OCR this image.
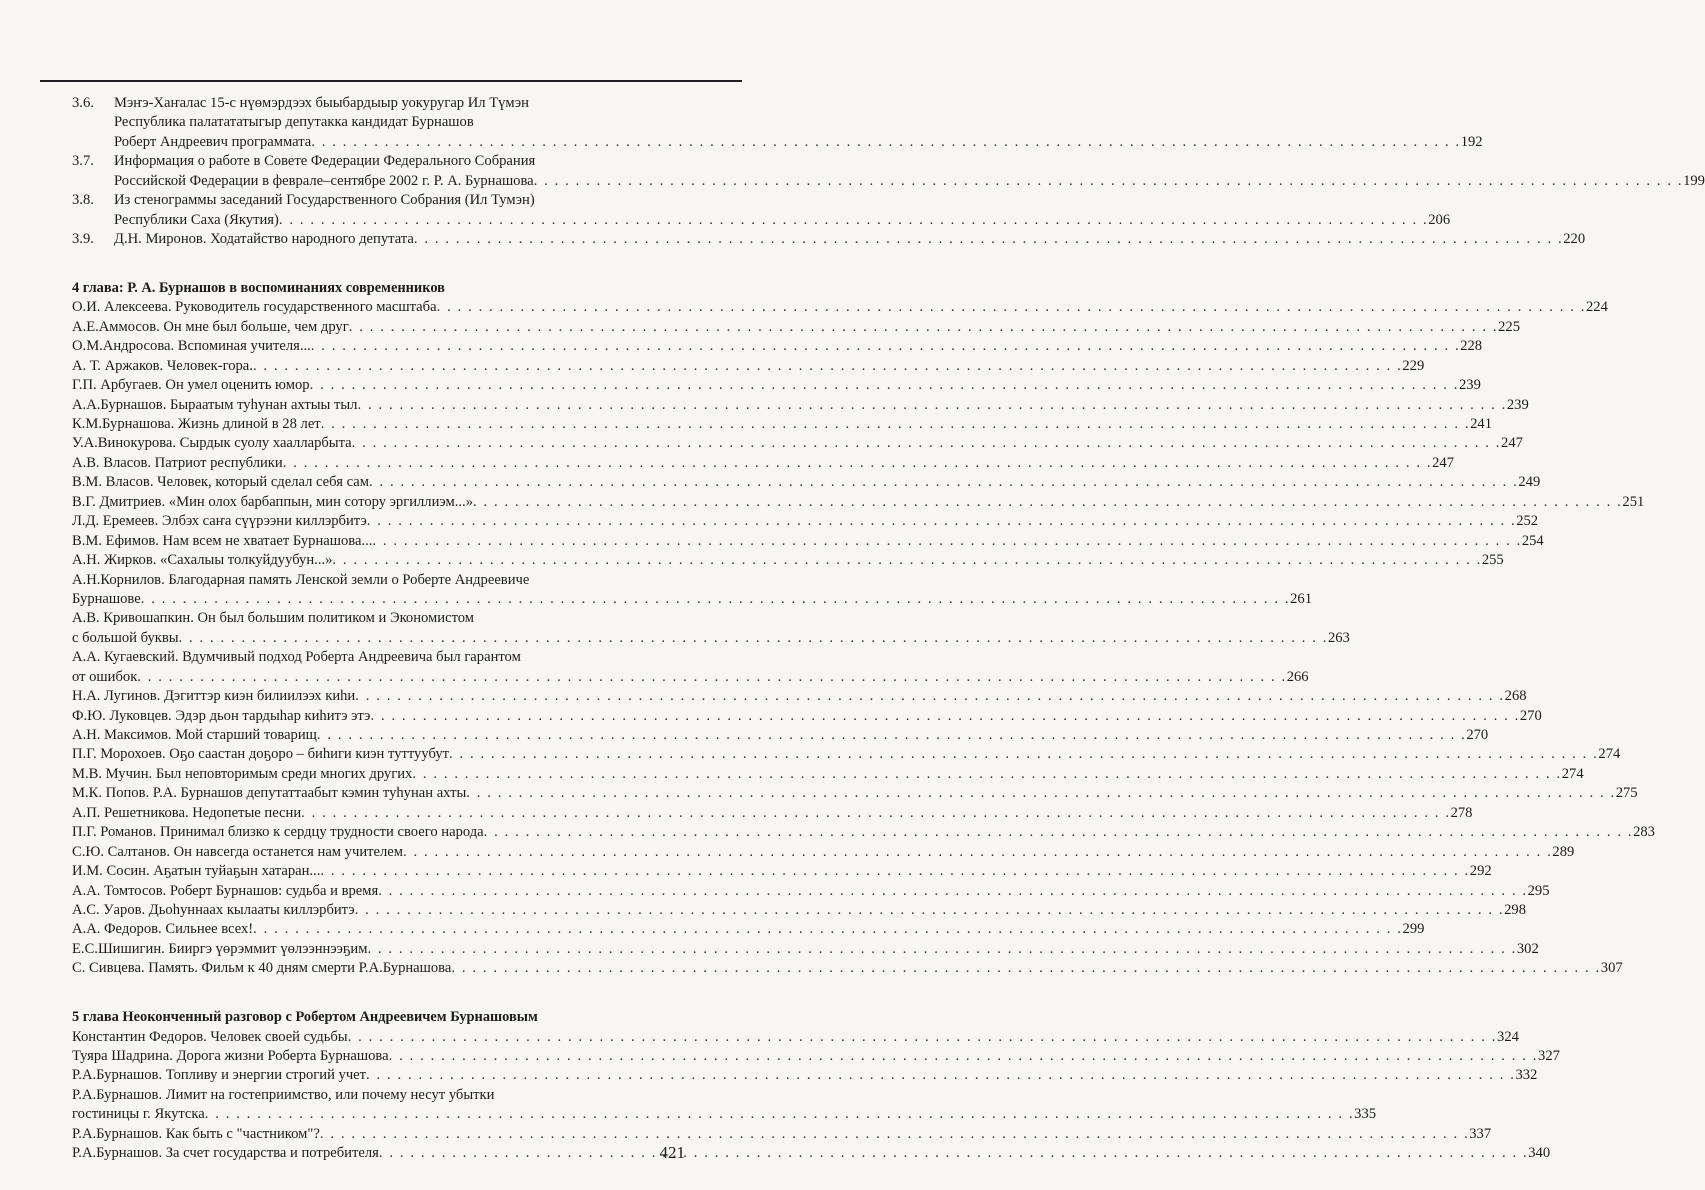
3.6.	Мэҥэ-Хаҥалас 15-с нүөмэрдээх быыбардыыр уокуругар Ил Түмэн
Республика палатататыгыр депутакка кандидат Бурнашов
Роберт Андреевич программата . . .	192
3.7.	Информация о работе в Совете Федерации Федерального Собрания
Российской Федерации в феврале–сентябре 2002 г. Р. А. Бурнашова . . .	199
3.8.	Из стенограммы заседаний Государственного Собрания (Ил Тумэн)
Республики Саха (Якутия) . . .	206
3.9.	Д.Н. Миронов. Ходатайство народного депутата . . .	220
4 глава: Р. А. Бурнашов в воспоминаниях современников
О.И. Алексеева. Руководитель государственного масштаба . . .	224
А.Е.Аммосов. Он мне был больше, чем друг . . .	225
О.М.Андросова. Вспоминая учителя... . . .	228
А. Т. Аржаков. Человек-гора. . . .	229
Г.П. Арбугаев. Он умел оценить юмор . . .	239
А.А.Бурнашов. Быраатым туһунан ахтыы тыл . . .	239
К.М.Бурнашова. Жизнь длиной в 28 лет . . .	241
У.А.Винокурова. Сырдык суолу хаалларбыта . . .	247
А.В. Власов. Патриот республики . . .	247
В.М. Власов. Человек, который сделал себя сам . . .	249
В.Г. Дмитриев. «Мин олох барбаппын, мин сотору эргиллиэм...» . . .	251
Л.Д. Еремеев. Элбэх саҥа сүүрээни киллэрбитэ . . .	252
В.М. Ефимов. Нам всем не хватает Бурнашова... . . .	254
А.Н. Жирков. «Сахалыы толкуйдуубун...» . . .	255
А.Н.Корнилов. Благодарная память Ленской земли о Роберте Андреевиче
Бурнашове . . .	261
А.В. Кривошапкин. Он был большим политиком и Экономистом
с большой буквы . . .	263
А.А. Кугаевский. Вдумчивый подход Роберта Андреевича был гарантом
от ошибок . . .	266
Н.А. Лугинов. Дэгиттэр киэн билиилээх киһи . . .	268
Ф.Ю. Луковцев. Эдэр дьон тардыһар киһитэ этэ . . .	270
А.Н. Максимов. Мой старший товарищ . . .	270
П.Г. Морохоев. Оҕо саастан доҕоро – биһиги киэн туттуубут . . .	274
М.В. Мучин. Был неповторимым среди многих других . . .	274
М.К. Попов. Р.А. Бурнашов депутаттаабыт кэмин туһунан ахты . . .	275
А.П. Решетникова. Недопетые песни . . .	278
П.Г. Романов. Принимал близко к сердцу трудности своего народа . . .	283
С.Ю. Салтанов. Он навсегда останется нам учителем . . .	289
И.М. Сосин. Аҕатын туйаҕын хатаран... . . .	292
А.А. Томтосов. Роберт Бурнашов: судьба и время . . .	295
А.С. Уаров. Дьоһуннаах кылааты киллэрбитэ . . .	298
А.А. Федоров. Сильнее всех! . . .	299
Е.С.Шишигин. Бииргэ үөрэммит үөлээннээҕим . . .	302
С. Сивцева. Память. Фильм к 40 дням смерти Р.А.Бурнашова . . .	307
5 глава Неоконченный разговор с Робертом Андреевичем Бурнашовым
Константин Федоров. Человек своей судьбы . . .	324
Туяра Шадрина. Дорога жизни Роберта Бурнашова . . .	327
Р.А.Бурнашов. Топливу и энергии строгий учет . . .	332
Р.А.Бурнашов. Лимит на гостеприимство, или почему несут убытки
гостиницы г. Якутска . . .	335
Р.А.Бурнашов. Как быть с "частником"? . . .	337
Р.А.Бурнашов. За счет государства и потребителя . . .	340
421
